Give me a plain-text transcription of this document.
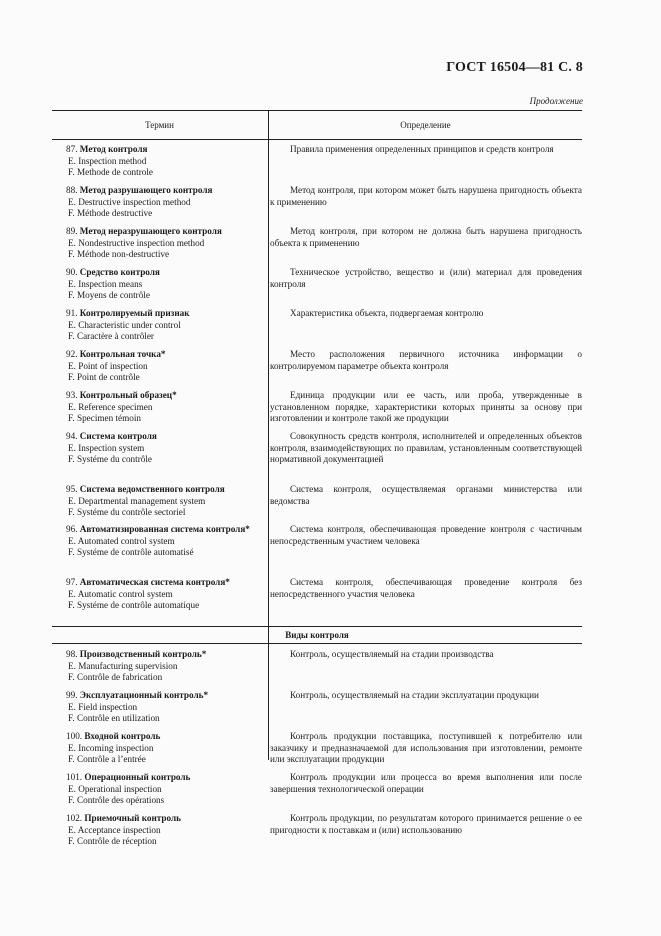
ГОСТ 16504—81 С. 8
Продолжение
Термин	Определение
87. Метод контроля
E. Inspection method
F. Methode de controle
Правила применения определенных принципов и средств контроля
88. Метод разрушающего контроля
E. Destructive inspection method
F. Méthode destructive
Метод контроля, при котором может быть нарушена пригодность объекта к применению
89. Метод неразрушающего контроля
E. Nondestructive inspection method
F. Méthode non-destructive
Метод контроля, при котором не должна быть нарушена пригодность объекта к применению
90. Средство контроля
E. Inspection means
F. Moyens de contrôle
Техническое устройство, вещество и (или) материал для проведения контроля
91. Контролируемый признак
E. Characteristic under control
F. Caractère à contrôler
Характеристика объекта, подвергаемая контролю
92. Контрольная точка*
E. Point of inspection
F. Point de contrôle
Место расположения первичного источника информации о контролируемом параметре объекта контроля
93. Контрольный образец*
E. Reference specimen
F. Specimen témoin
Единица продукции или ее часть, или проба, утвержденные в установленном порядке, характеристики которых приняты за основу при изготовлении и контроле такой же продукции
94. Система контроля
E. Inspection system
F. Systéme du contrôle
Совокупность средств контроля, исполнителей и определенных объектов контроля, взаимодействующих по правилам, установленным соответствующей нормативной документацией
95. Система ведомственного контроля
E. Departmental management system
F. Systéme du contrôle sectoriel
Система контроля, осуществляемая органами министерства или ведомства
96. Автоматизированная система контроля*
E. Automated control system
F. Systéme de contrôle automatisé
Система контроля, обеспечивающая проведение контроля с частичным непосредственным участием человека
97. Автоматическая система контроля*
E. Automatic control system
F. Systéme de contrôle automatique
Система контроля, обеспечивающая проведение контроля без непосредственного участия человека
Виды контроля
98. Производственный контроль*
E. Manufacturing supervision
F. Contrôle de fabrication
Контроль, осуществляемый на стадии производства
99. Эксплуатационный контроль*
E. Field inspection
F. Contrôle en utilization
Контроль, осуществляемый на стадии эксплуатации продукции
100. Входной контроль
E. Incoming inspection
F. Contrôle a l’entrée
Контроль продукции поставщика, поступившей к потребителю или заказчику и предназначаемой для использования при изготовлении, ремонте или эксплуатации продукции
101. Операционный контроль
E. Operational inspection
F. Contrôle des opérations
Контроль продукции или процесса во время выполнения или после завершения технологической операции
102. Приемочный контроль
E. Acceptance inspection
F. Contrôle de réception
Контроль продукции, по результатам которого принимается решение о ее пригодности к поставкам и (или) использованию
